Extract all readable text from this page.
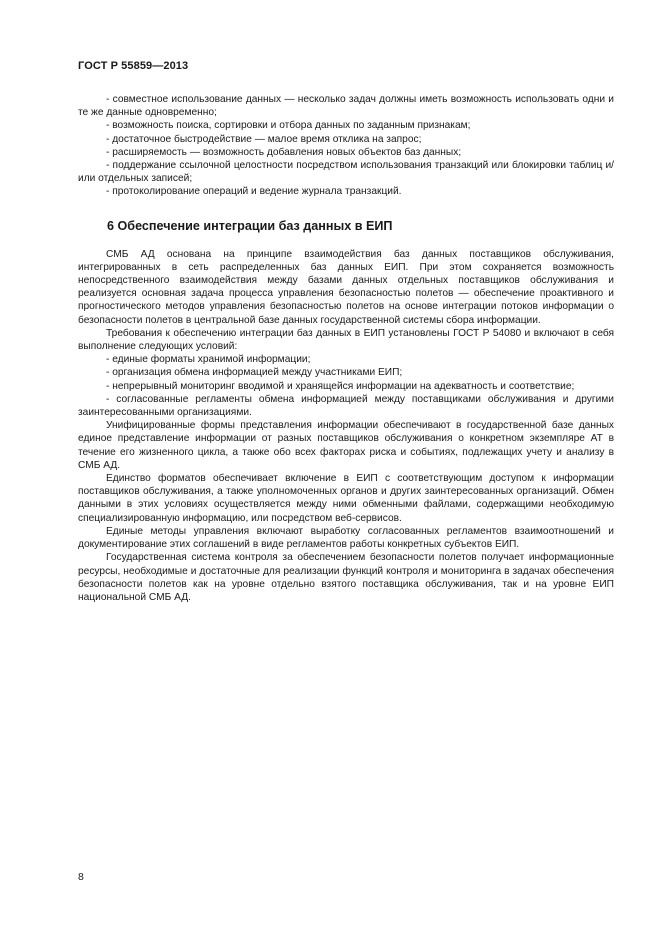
ГОСТ Р 55859—2013

- совместное использование данных — несколько задач должны иметь возможность использовать одни и те же данные одновременно;

- возможность поиска, сортировки и отбора данных по заданным признакам;

- достаточное быстродействие — малое время отклика на запрос;

- расширяемость — возможность добавления новых объектов баз данных;

- поддержание ссылочной целостности посредством использования транзакций или блокировки таблиц и/или отдельных записей;

- протоколирование операций и ведение журнала транзакций.

6 Обеспечение интеграции баз данных в ЕИП

СМБ АД основана на принципе взаимодействия баз данных поставщиков обслуживания, интегрированных в сеть распределенных баз данных ЕИП. При этом сохраняется возможность непосредственного взаимодействия между базами данных отдельных поставщиков обслуживания и реализуется основная задача процесса управления безопасностью полетов — обеспечение проактивного и прогностического методов управления безопасностью полетов на основе интеграции потоков информации о безопасности полетов в центральной базе данных государственной системы сбора информации.

Требования к обеспечению интеграции баз данных в ЕИП установлены ГОСТ Р 54080 и включают в себя выполнение следующих условий:

- единые форматы хранимой информации;

- организация обмена информацией между участниками ЕИП;

- непрерывный мониторинг вводимой и хранящейся информации на адекватность и соответствие;

- согласованные регламенты обмена информацией между поставщиками обслуживания и другими заинтересованными организациями.

Унифицированные формы представления информации обеспечивают в государственной базе данных единое представление информации от разных поставщиков обслуживания о конкретном экземпляре АТ в течение его жизненного цикла, а также обо всех факторах риска и событиях, подлежащих учету и анализу в СМБ АД.

Единство форматов обеспечивает включение в ЕИП с соответствующим доступом к информации поставщиков обслуживания, а также уполномоченных органов и других заинтересованных организаций. Обмен данными в этих условиях осуществляется между ними обменными файлами, содержащими необходимую специализированную информацию, или посредством веб-сервисов.

Единые методы управления включают выработку согласованных регламентов взаимоотношений и документирование этих соглашений в виде регламентов работы конкретных субъектов ЕИП.

Государственная система контроля за обеспечением безопасности полетов получает информационные ресурсы, необходимые и достаточные для реализации функций контроля и мониторинга в задачах обеспечения безопасности полетов как на уровне отдельно взятого поставщика обслуживания, так и на уровне ЕИП национальной СМБ АД.

8
